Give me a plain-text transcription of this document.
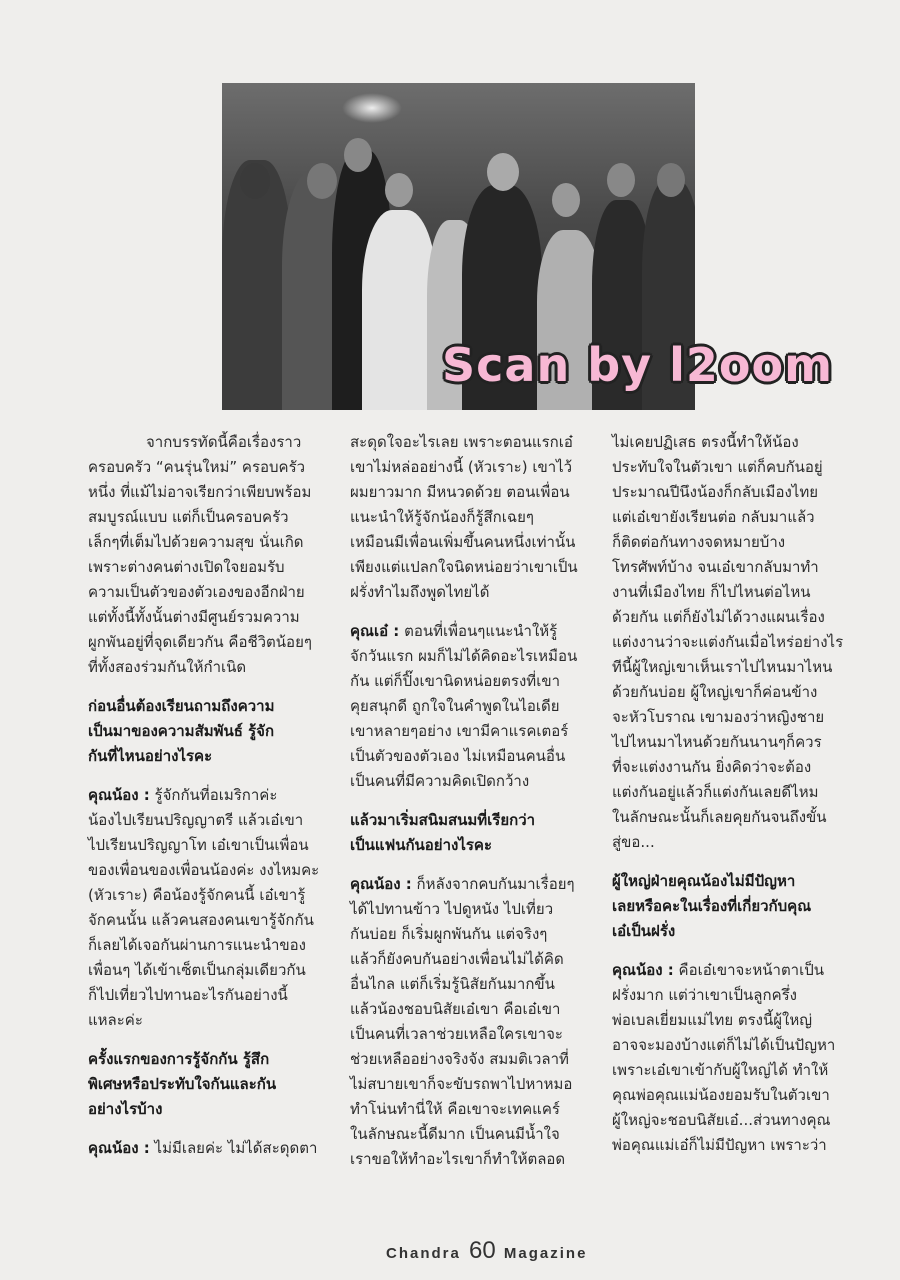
Scan by l2oom
จากบรรทัดนี้คือเรื่องราว
ครอบครัว “คนรุ่นใหม่” ครอบครัว
หนึ่ง ที่แม้ไม่อาจเรียกว่าเพียบพร้อม
สมบูรณ์แบบ แต่ก็เป็นครอบครัว
เล็กๆที่เต็มไปด้วยความสุข นั่นเกิด
เพราะต่างคนต่างเปิดใจยอมรับ
ความเป็นตัวของตัวเองของอีกฝ่าย
แต่ทั้งนี้ทั้งนั้นต่างมีศูนย์รวมความ
ผูกพันอยู่ที่จุดเดียวกัน คือชีวิตน้อยๆ
ที่ทั้งสองร่วมกันให้กำเนิด
ก่อนอื่นต้องเรียนถามถึงความ
เป็นมาของความสัมพันธ์ รู้จัก
กันที่ไหนอย่างไรคะ
คุณน้อง : รู้จักกันที่อเมริกาค่ะ
น้องไปเรียนปริญญาตรี แล้วเอ๋เขา
ไปเรียนปริญญาโท เอ๋เขาเป็นเพื่อน
ของเพื่อนของเพื่อนน้องค่ะ งงไหมคะ
(หัวเราะ) คือน้องรู้จักคนนี้ เอ๋เขารู้
จักคนนั้น แล้วคนสองคนเขารู้จักกัน
ก็เลยได้เจอกันผ่านการแนะนำของ
เพื่อนๆ ได้เข้าเซ็ตเป็นกลุ่มเดียวกัน
ก็ไปเที่ยวไปทานอะไรกันอย่างนี้
แหละค่ะ
ครั้งแรกของการรู้จักกัน รู้สึก
พิเศษหรือประทับใจกันและกัน
อย่างไรบ้าง
คุณน้อง : ไม่มีเลยค่ะ ไม่ได้สะดุดตา
สะดุดใจอะไรเลย เพราะตอนแรกเอ๋
เขาไม่หล่ออย่างนี้ (หัวเราะ) เขาไว้
ผมยาวมาก มีหนวดด้วย ตอนเพื่อน
แนะนำให้รู้จักน้องก็รู้สึกเฉยๆ
เหมือนมีเพื่อนเพิ่มขึ้นคนหนึ่งเท่านั้น
เพียงแต่แปลกใจนิดหน่อยว่าเขาเป็น
ฝรั่งทำไมถึงพูดไทยได้
คุณเอ๋ : ตอนที่เพื่อนๆแนะนำให้รู้
จักวันแรก ผมก็ไม่ได้คิดอะไรเหมือน
กัน แต่ก็ปิ๊งเขานิดหน่อยตรงที่เขา
คุยสนุกดี ถูกใจในคำพูดในไอเดีย
เขาหลายๆอย่าง เขามีคาแรคเตอร์
เป็นตัวของตัวเอง ไม่เหมือนคนอื่น
เป็นคนที่มีความคิดเปิดกว้าง
แล้วมาเริ่มสนิมสนมที่เรียกว่า
เป็นแฟนกันอย่างไรคะ
คุณน้อง : ก็หลังจากคบกันมาเรื่อยๆ
ได้ไปทานข้าว ไปดูหนัง ไปเที่ยว
กันบ่อย ก็เริ่มผูกพันกัน แต่จริงๆ
แล้วก็ยังคบกันอย่างเพื่อนไม่ได้คิด
อื่นไกล แต่ก็เริ่มรู้นิสัยกันมากขึ้น
แล้วน้องชอบนิสัยเอ๋เขา คือเอ๋เขา
เป็นคนที่เวลาช่วยเหลือใครเขาจะ
ช่วยเหลืออย่างจริงจัง สมมติเวลาที่
ไม่สบายเขาก็จะขับรถพาไปหาหมอ
ทำโน่นทำนี่ให้ คือเขาจะเทคแคร์
ในลักษณะนี้ดีมาก เป็นคนมีน้ำใจ
เราขอให้ทำอะไรเขาก็ทำให้ตลอด
ไม่เคยปฏิเสธ ตรงนี้ทำให้น้อง
ประทับใจในตัวเขา แต่ก็คบกันอยู่
ประมาณปีนึงน้องก็กลับเมืองไทย
แต่เอ๋เขายังเรียนต่อ กลับมาแล้ว
ก็ติดต่อกันทางจดหมายบ้าง
โทรศัพท์บ้าง จนเอ๋เขากลับมาทำ
งานที่เมืองไทย ก็ไปไหนต่อไหน
ด้วยกัน แต่ก็ยังไม่ได้วางแผนเรื่อง
แต่งงานว่าจะแต่งกันเมื่อไหร่อย่างไร
ทีนี้ผู้ใหญ่เขาเห็นเราไปไหนมาไหน
ด้วยกันบ่อย ผู้ใหญ่เขาก็ค่อนข้าง
จะหัวโบราณ เขามองว่าหญิงชาย
ไปไหนมาไหนด้วยกันนานๆก็ควร
ที่จะแต่งงานกัน ยิ่งคิดว่าจะต้อง
แต่งกันอยู่แล้วก็แต่งกันเลยดีไหม
ในลักษณะนั้นก็เลยคุยกันจนถึงขั้น
สู่ขอ...
ผู้ใหญ่ฝ่ายคุณน้องไม่มีปัญหา
เลยหรือคะในเรื่องที่เกี่ยวกับคุณ
เอ๋เป็นฝรั่ง
คุณน้อง : คือเอ๋เขาจะหน้าตาเป็น
ฝรั่งมาก แต่ว่าเขาเป็นลูกครึ่ง
พ่อเบลเยี่ยมแม่ไทย ตรงนี้ผู้ใหญ่
อาจจะมองบ้างแต่ก็ไม่ได้เป็นปัญหา
เพราะเอ๋เขาเข้ากับผู้ใหญ่ได้ ทำให้
คุณพ่อคุณแม่น้องยอมรับในตัวเขา
ผู้ใหญ่จะชอบนิสัยเอ๋...ส่วนทางคุณ
พ่อคุณแม่เอ๋ก็ไม่มีปัญหา เพราะว่า
Chandra 60 Magazine
